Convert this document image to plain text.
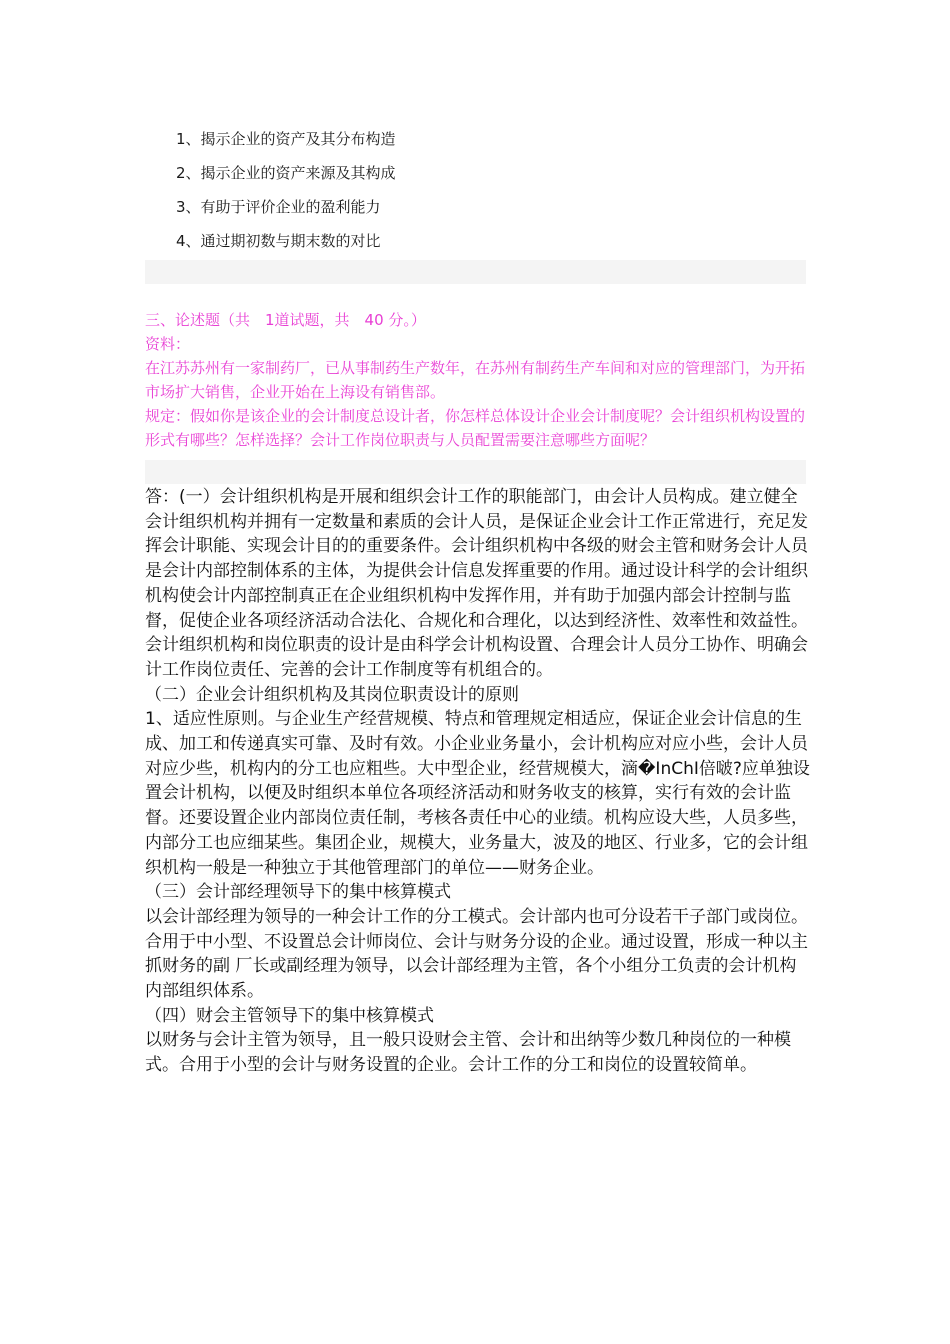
1、揭示企业的资产及其分布构造
2、揭示企业的资产来源及其构成
3、有助于评价企业的盈利能力
4、通过期初数与期末数的对比

三、论述题（共　1道试题，共　40 分。）

资料：

在江苏苏州有一家制药厂，已从事制药生产数年，在苏州有制药生产车间和对应的管理部门，为开拓市场扩大销售，企业开始在上海设有销售部。

规定：假如你是该企业的会计制度总设计者，你怎样总体设计企业会计制度呢？会计组织机构设置的形式有哪些？怎样选择？会计工作岗位职责与人员配置需要注意哪些方面呢？

答：(一）会计组织机构是开展和组织会计工作的职能部门，由会计人员构成。建立健全会计组织机构并拥有一定数量和素质的会计人员，是保证企业会计工作正常进行，充足发挥会计职能、实现会计目的的重要条件。会计组织机构中各级的财会主管和财务会计人员是会计内部控制体系的主体，为提供会计信息发挥重要的作用。通过设计科学的会计组织机构使会计内部控制真正在企业组织机构中发挥作用，并有助于加强内部会计控制与监督，促使企业各项经济活动合法化、合规化和合理化，以达到经济性、效率性和效益性。会计组织机构和岗位职责的设计是由科学会计机构设置、合理会计人员分工协作、明确会计工作岗位责任、完善的会计工作制度等有机组合的。

（二）企业会计组织机构及其岗位职责设计的原则

1、适应性原则。与企业生产经营规模、特点和管理规定相适应，保证企业会计信息的生成、加工和传递真实可靠、及时有效。小企业业务量小，会计机构应对应小些，会计人员对应少些，机构内的分工也应粗些。大中型企业，经营规模大，滴�InChI倍啵?应单独设置会计机构，以便及时组织本单位各项经济活动和财务收支的核算，实行有效的会计监督。还要设置企业内部岗位责任制，考核各责任中心的业绩。机构应设大些，人员多些，内部分工也应细某些。集团企业，规模大，业务量大，波及的地区、行业多，它的会计组织机构一般是一种独立于其他管理部门的单位——财务企业。

（三）会计部经理领导下的集中核算模式

以会计部经理为领导的一种会计工作的分工模式。会计部内也可分设若干子部门或岗位。合用于中小型、不设置总会计师岗位、会计与财务分设的企业。通过设置，形成一种以主抓财务的副 厂长或副经理为领导，以会计部经理为主管，各个小组分工负责的会计机构内部组织体系。

（四）财会主管领导下的集中核算模式

以财务与会计主管为领导，且一般只设财会主管、会计和出纳等少数几种岗位的一种模式。合用于小型的会计与财务设置的企业。会计工作的分工和岗位的设置较简单。
